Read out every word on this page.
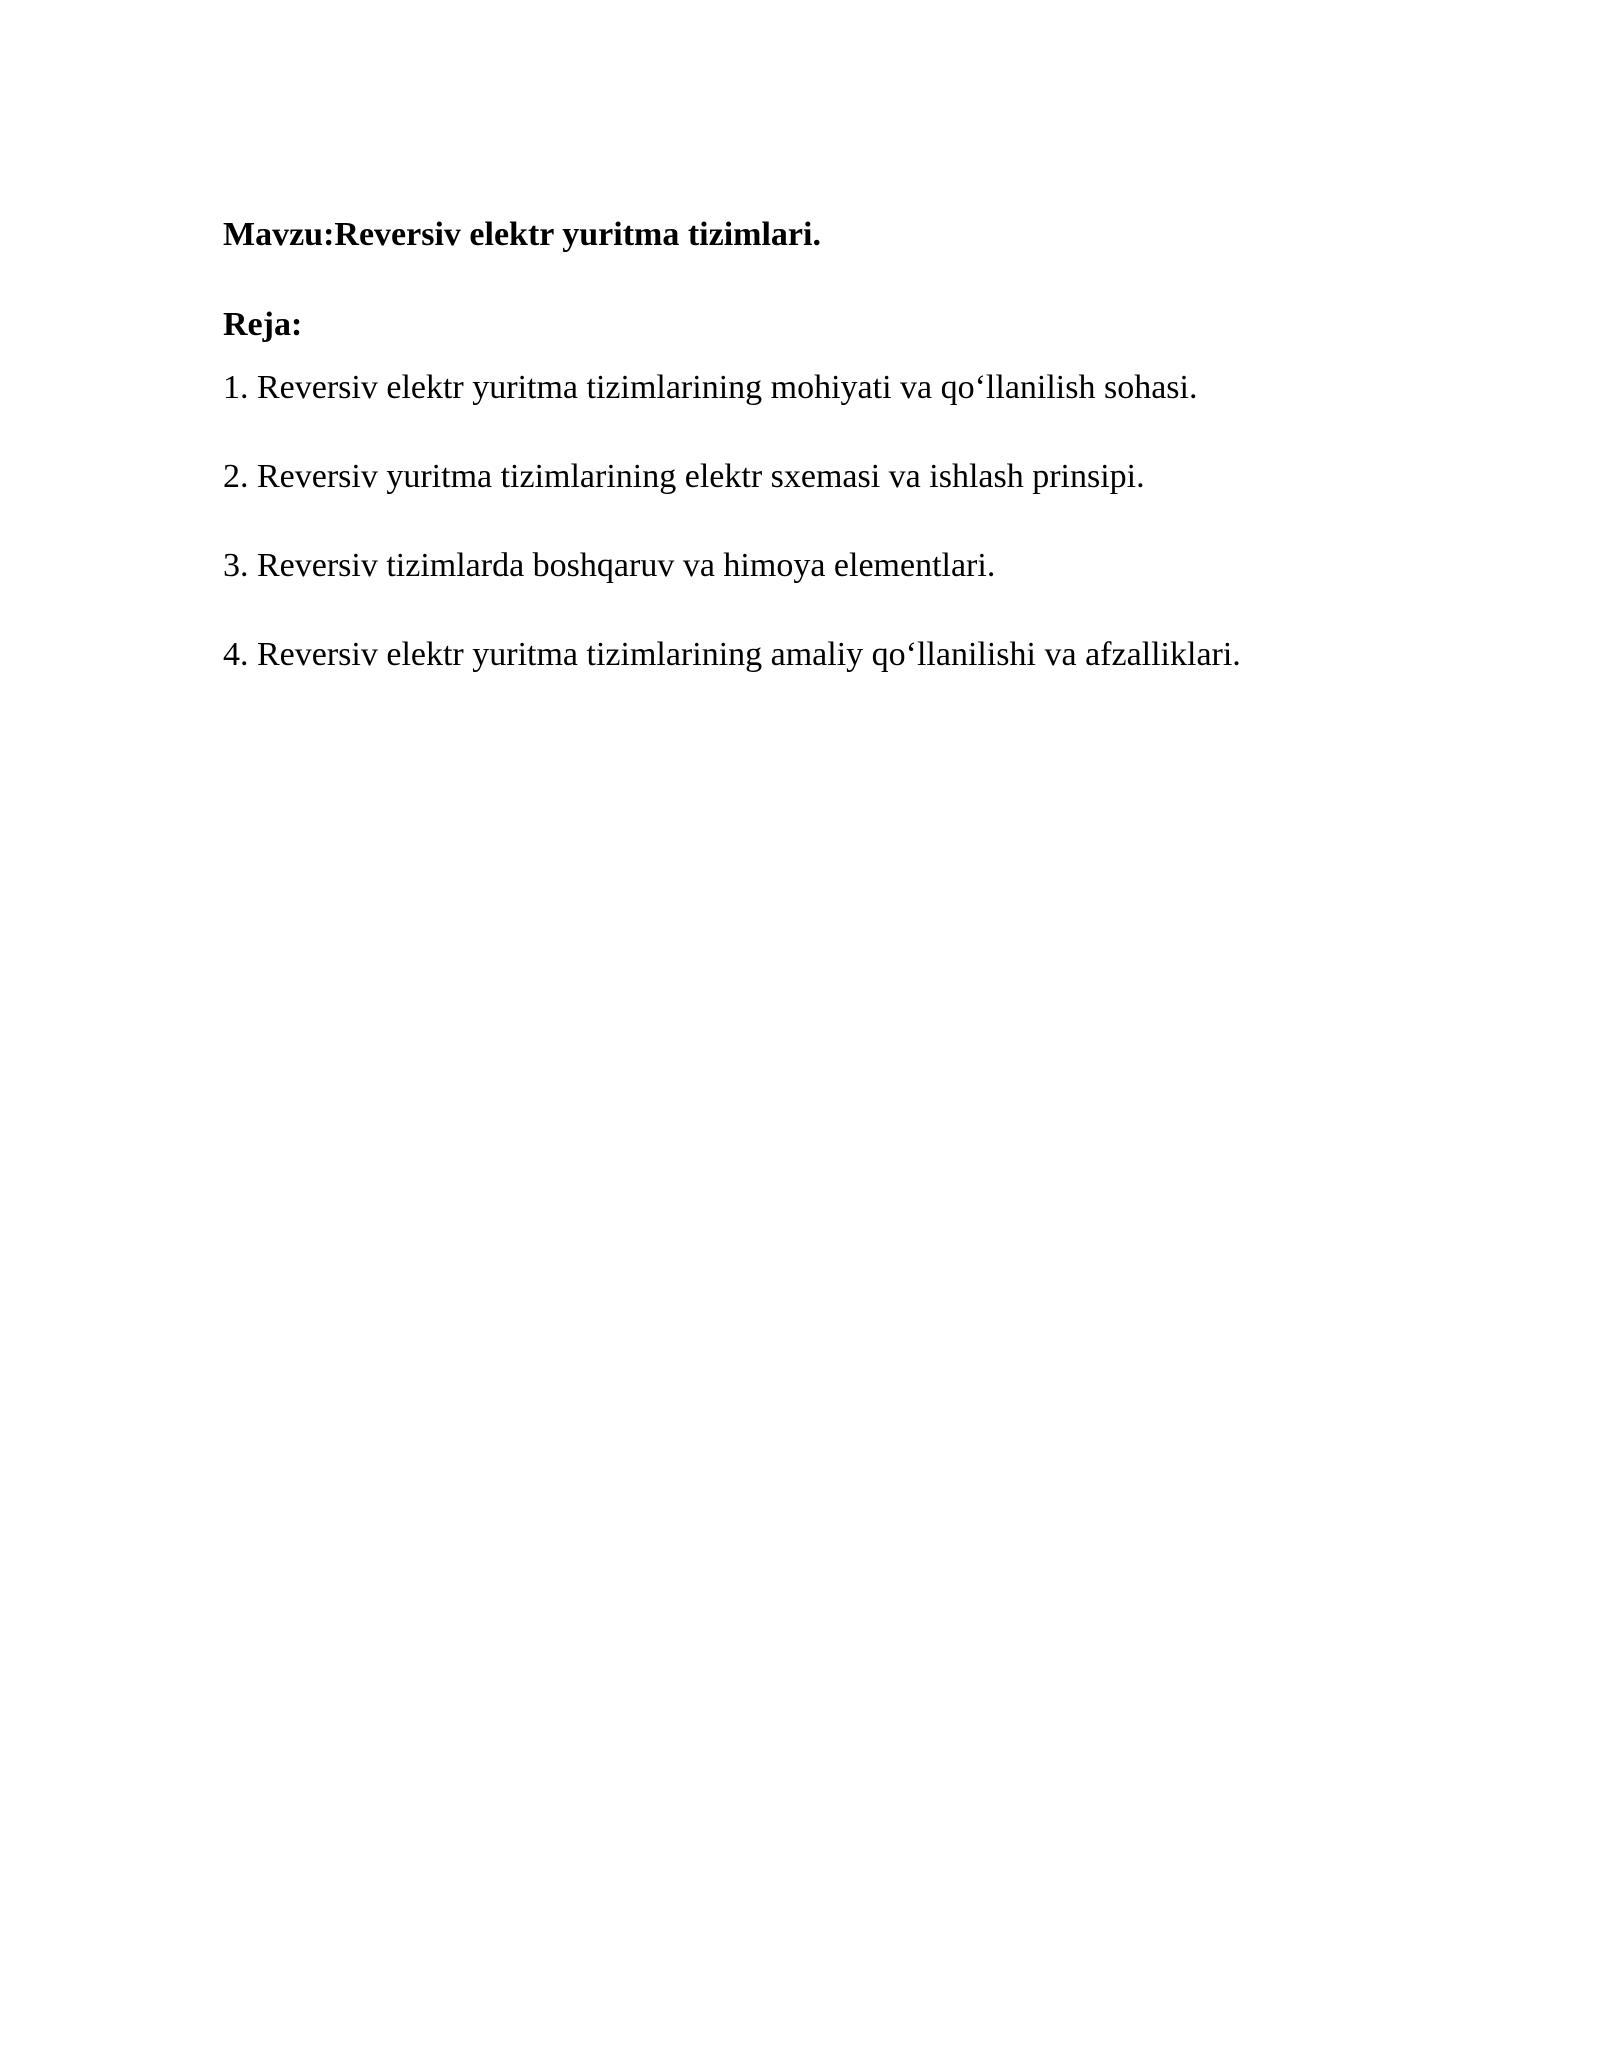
Mavzu:Reversiv elektr yuritma tizimlari.

Reja:

1. Reversiv elektr yuritma tizimlarining mohiyati va qo‘llanilish sohasi.
2. Reversiv yuritma tizimlarining elektr sxemasi va ishlash prinsipi.
3. Reversiv tizimlarda boshqaruv va himoya elementlari.
4. Reversiv elektr yuritma tizimlarining amaliy qo‘llanilishi va afzalliklari.
